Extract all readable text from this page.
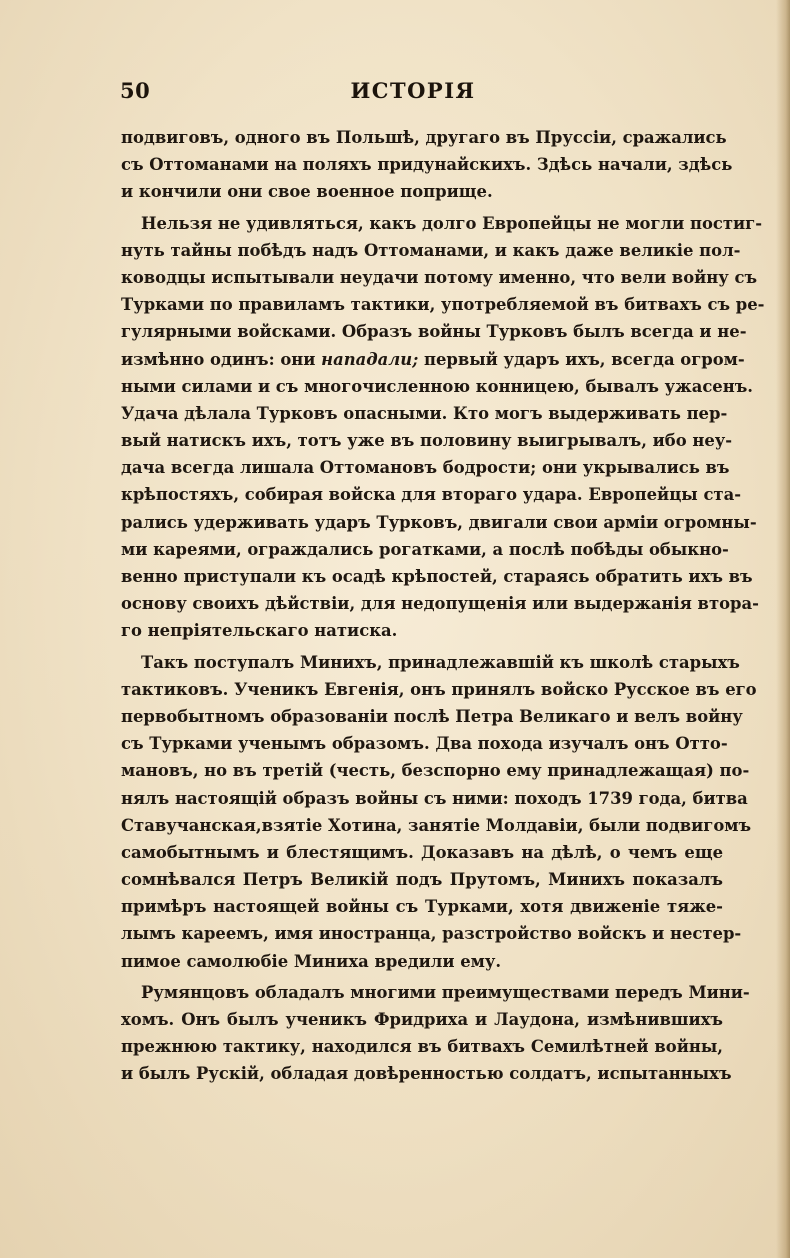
50	ИСТОРІЯ
подвиговъ, одного въ Польшѣ, другаго въ Пруссіи, сражались
съ Оттоманами на поляхъ придунайскихъ. Здѣсь начали, здѣсь
и кончили они свое военное поприще.
Нельзя не удивляться, какъ долго Европейцы не могли постиг-
нуть тайны побѣдъ надъ Оттоманами, и какъ даже великіе пол-
ководцы испытывали неудачи потому именно, что вели войну съ
Турками по правиламъ тактики, употребляемой въ битвахъ съ ре-
гулярными войсками. Образъ войны Турковъ былъ всегда и не-
измѣнно одинъ: они нападали; первый ударъ ихъ, всегда огром-
ными силами и съ многочисленною конницею, бывалъ ужасенъ.
Удача дѣлала Турковъ опасными. Кто могъ выдерживать пер-
вый натискъ ихъ, тотъ уже въ половину выигрывалъ, ибо неу-
дача всегда лишала Оттомановъ бодрости; они укрывались въ
крѣпостяхъ, собирая войска для втораго удара. Европейцы ста-
рались удерживать ударъ Турковъ, двигали свои арміи огромны-
ми кареями, ограждались рогатками, а послѣ побѣды обыкно-
венно приступали къ осадѣ крѣпостей, стараясь обратить ихъ въ
основу своихъ дѣйствіи, для недопущенія или выдержанія втора-
го непріятельскаго натиска.
Такъ поступалъ Минихъ, принадлежавшій къ школѣ старыхъ
тактиковъ. Ученикъ Евгенія, онъ принялъ войско Русское въ его
первобытномъ образованіи послѣ Петра Великаго и велъ войну
съ Турками ученымъ образомъ. Два похода изучалъ онъ Отто-
мановъ, но въ третій (честь, безспорно ему принадлежащая) по-
нялъ настоящій образъ войны съ ними: походъ 1739 года, битва
Ставучанская,взятіе Хотина, занятіе Молдавіи, были подвигомъ
самобытнымъ и блестящимъ. Доказавъ на дѣлѣ, о чемъ еще
сомнѣвался Петръ Великій подъ Прутомъ, Минихъ показалъ
примѣръ настоящей войны съ Турками, хотя движеніе тяже-
лымъ кареемъ, имя иностранца, разстройство войскъ и нестер-
пимое самолюбіе Миниха вредили ему.
Румянцовъ обладалъ многими преимуществами передъ Мини-
хомъ. Онъ былъ ученикъ Фридриха и Лаудона, измѣнившихъ
прежнюю тактику, находился въ битвахъ Семилѣтней войны,
и былъ Рускій, обладая довѣренностью солдатъ, испытанныхъ
